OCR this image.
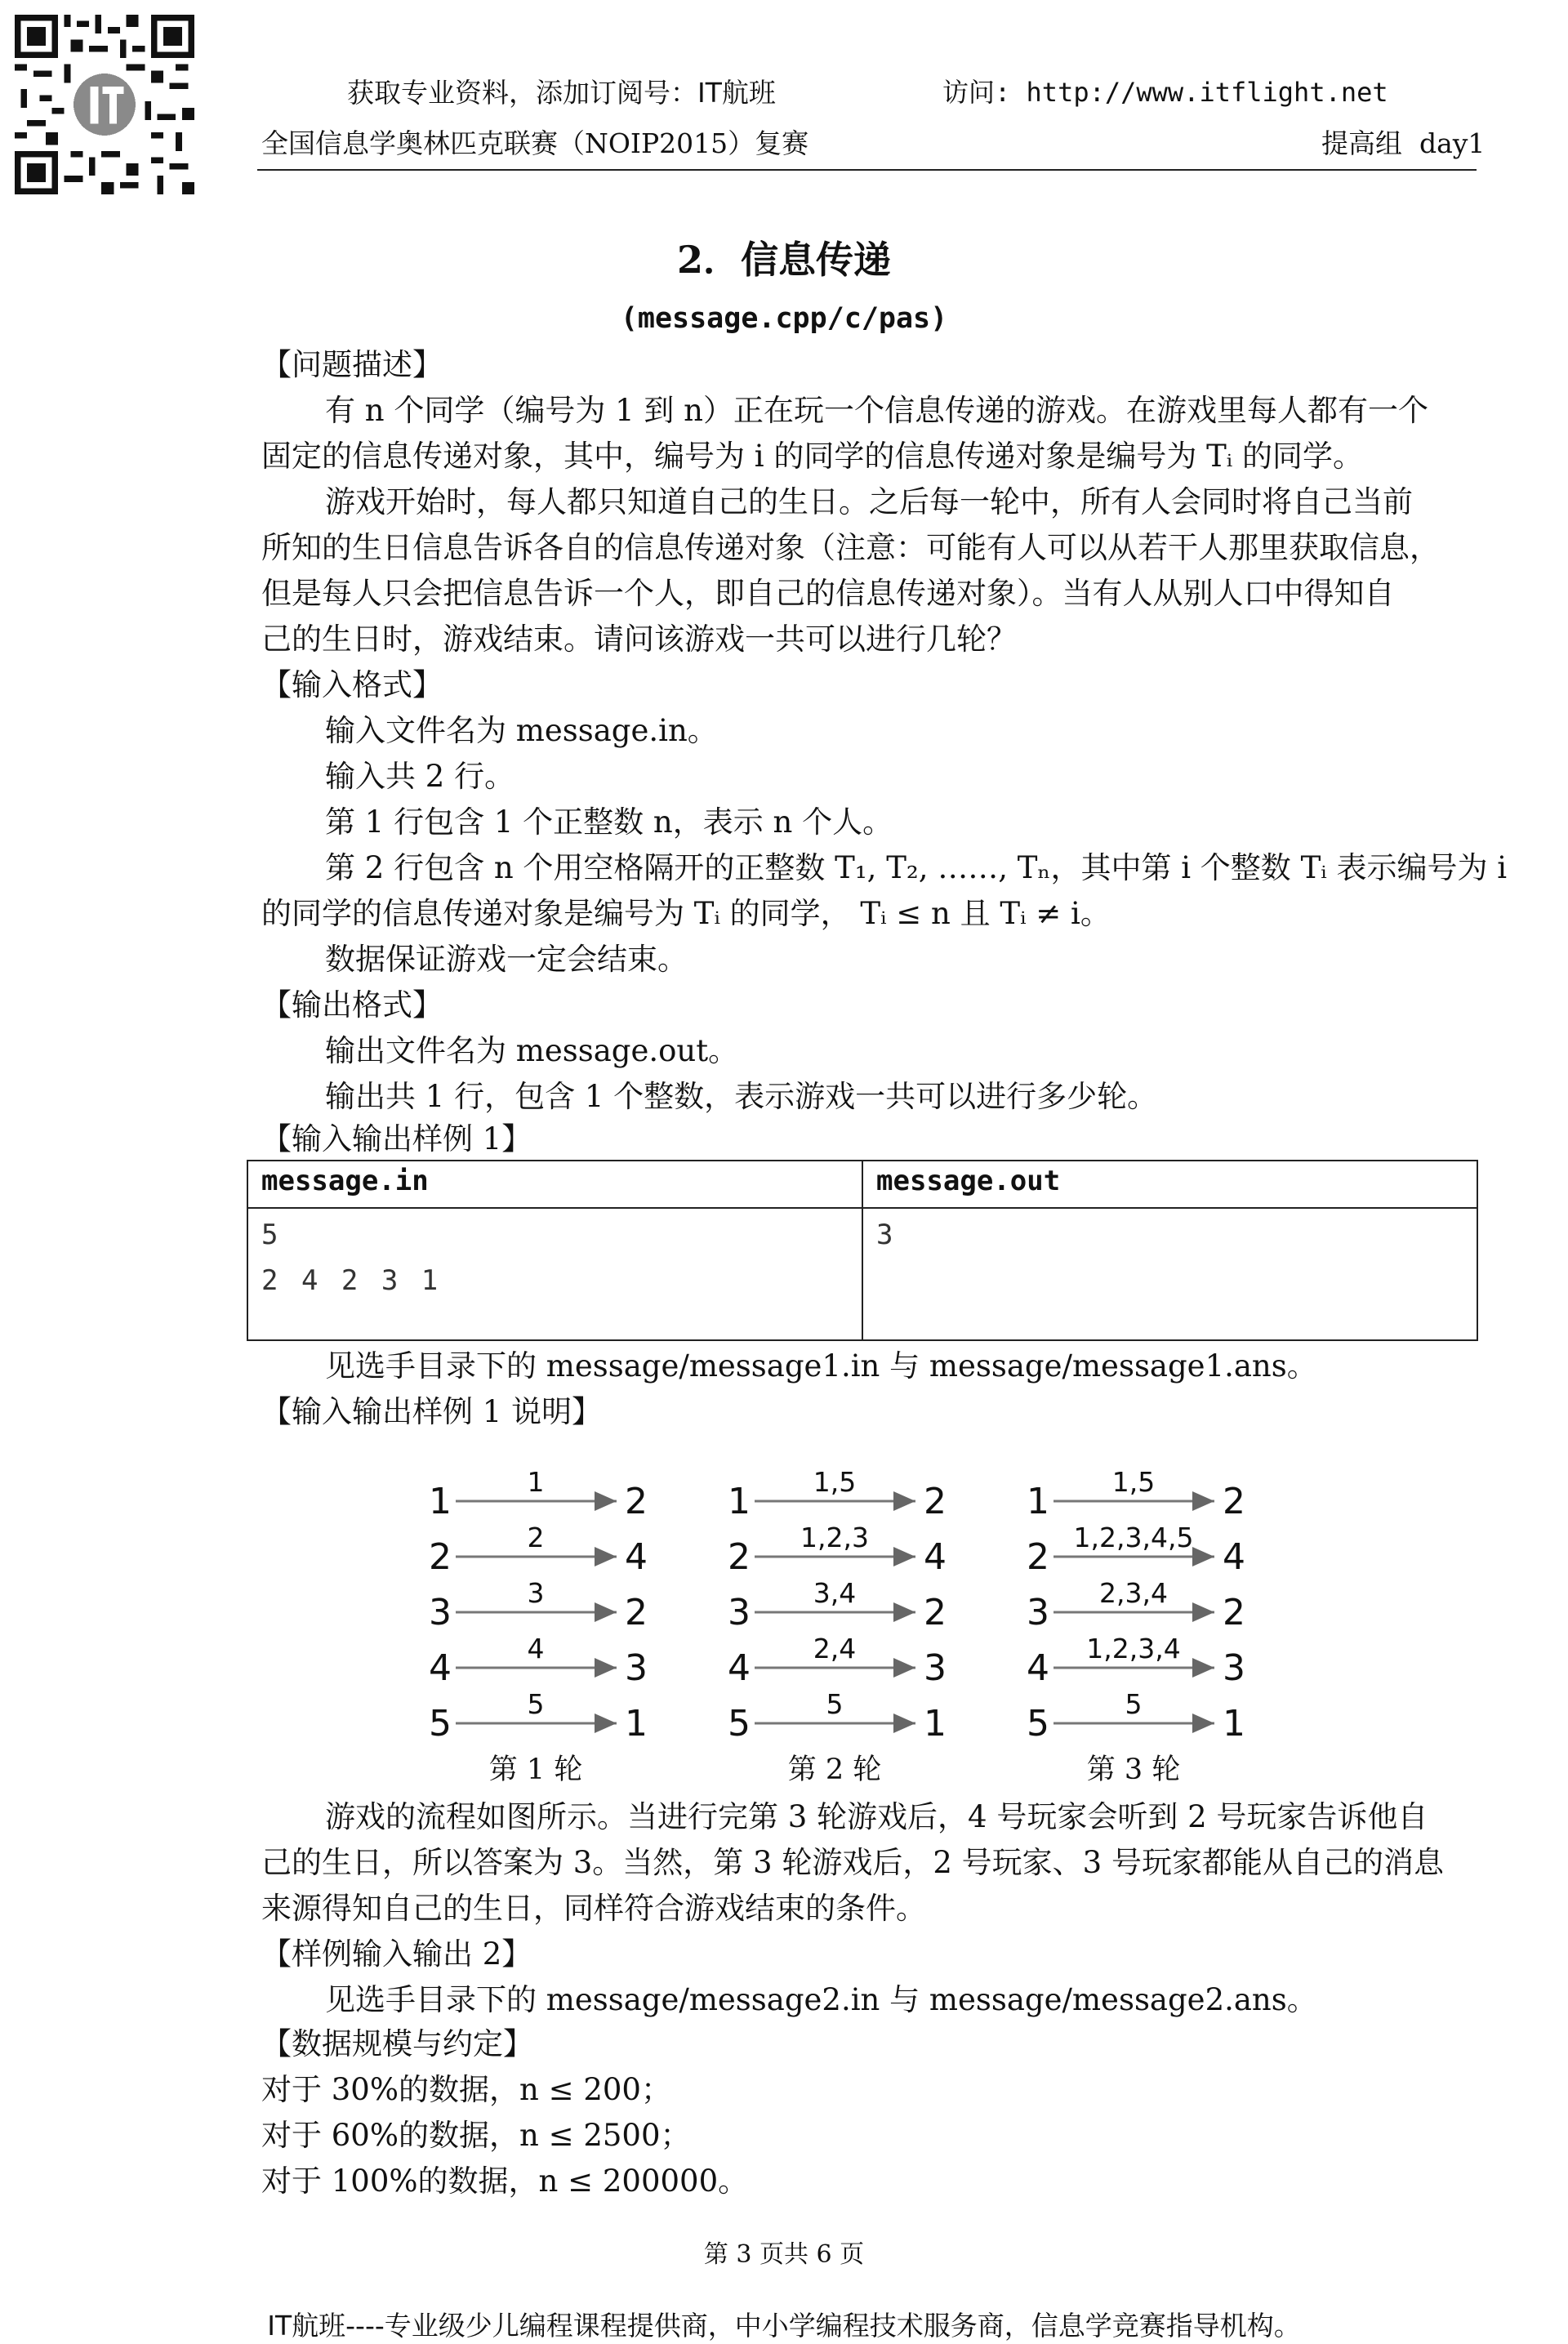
获取专业资料，添加订阅号：IT航班	访问: http://www.itflight.net
全国信息学奥林匹克联赛（NOIP2015）复赛	提高组  day1
2．信息传递
(message.cpp/c/pas)
【问题描述】
有 n 个同学（编号为 1 到 n）正在玩一个信息传递的游戏。在游戏里每人都有一个
固定的信息传递对象，其中，编号为 i 的同学的信息传递对象是编号为 Tᵢ 的同学。
游戏开始时，每人都只知道自己的生日。之后每一轮中，所有人会同时将自己当前
所知的生日信息告诉各自的信息传递对象（注意：可能有人可以从若干人那里获取信息，
但是每人只会把信息告诉一个人，即自己的信息传递对象）。当有人从别人口中得知自
己的生日时，游戏结束。请问该游戏一共可以进行几轮？
【输入格式】
输入文件名为 message.in。
输入共 2 行。
第 1 行包含 1 个正整数 n，表示 n 个人。
第 2 行包含 n 个用空格隔开的正整数 T₁, T₂, ……, Tₙ，其中第 i 个整数 Tᵢ 表示编号为 i
的同学的信息传递对象是编号为 Tᵢ 的同学， Tᵢ ≤ n 且 Tᵢ ≠ i。
数据保证游戏一定会结束。
【输出格式】
输出文件名为 message.out。
输出共 1 行，包含 1 个整数，表示游戏一共可以进行多少轮。
【输入输出样例 1】
message.in	message.out

5
2 4 2 3 1	3
见选手目录下的 message/message1.in 与 message/message1.ans。
【输入输出样例 1 说明】
1	1 2
2	2 4
3	3 2
4	4 3
5	5 1
第 1 轮
1 1,5 2
2 1,2,3 4
3 3,4 2
4 2,4 3
5	5 1
第 2 轮
1 1,5 2
2 1,2,3,4,5 4
3 2,3,4 2
4 1,2,3,4 3
5	5 1
第 3 轮
游戏的流程如图所示。当进行完第 3 轮游戏后，4 号玩家会听到 2 号玩家告诉他自
己的生日，所以答案为 3。当然，第 3 轮游戏后，2 号玩家、3 号玩家都能从自己的消息
来源得知自己的生日，同样符合游戏结束的条件。
【样例输入输出 2】
见选手目录下的 message/message2.in 与 message/message2.ans。
【数据规模与约定】
对于 30%的数据，n ≤ 200；
对于 60%的数据，n ≤ 2500；
对于 100%的数据，n ≤ 200000。
第 3 页共 6 页
IT航班----专业级少儿编程课程提供商，中小学编程技术服务商，信息学竞赛指导机构。
